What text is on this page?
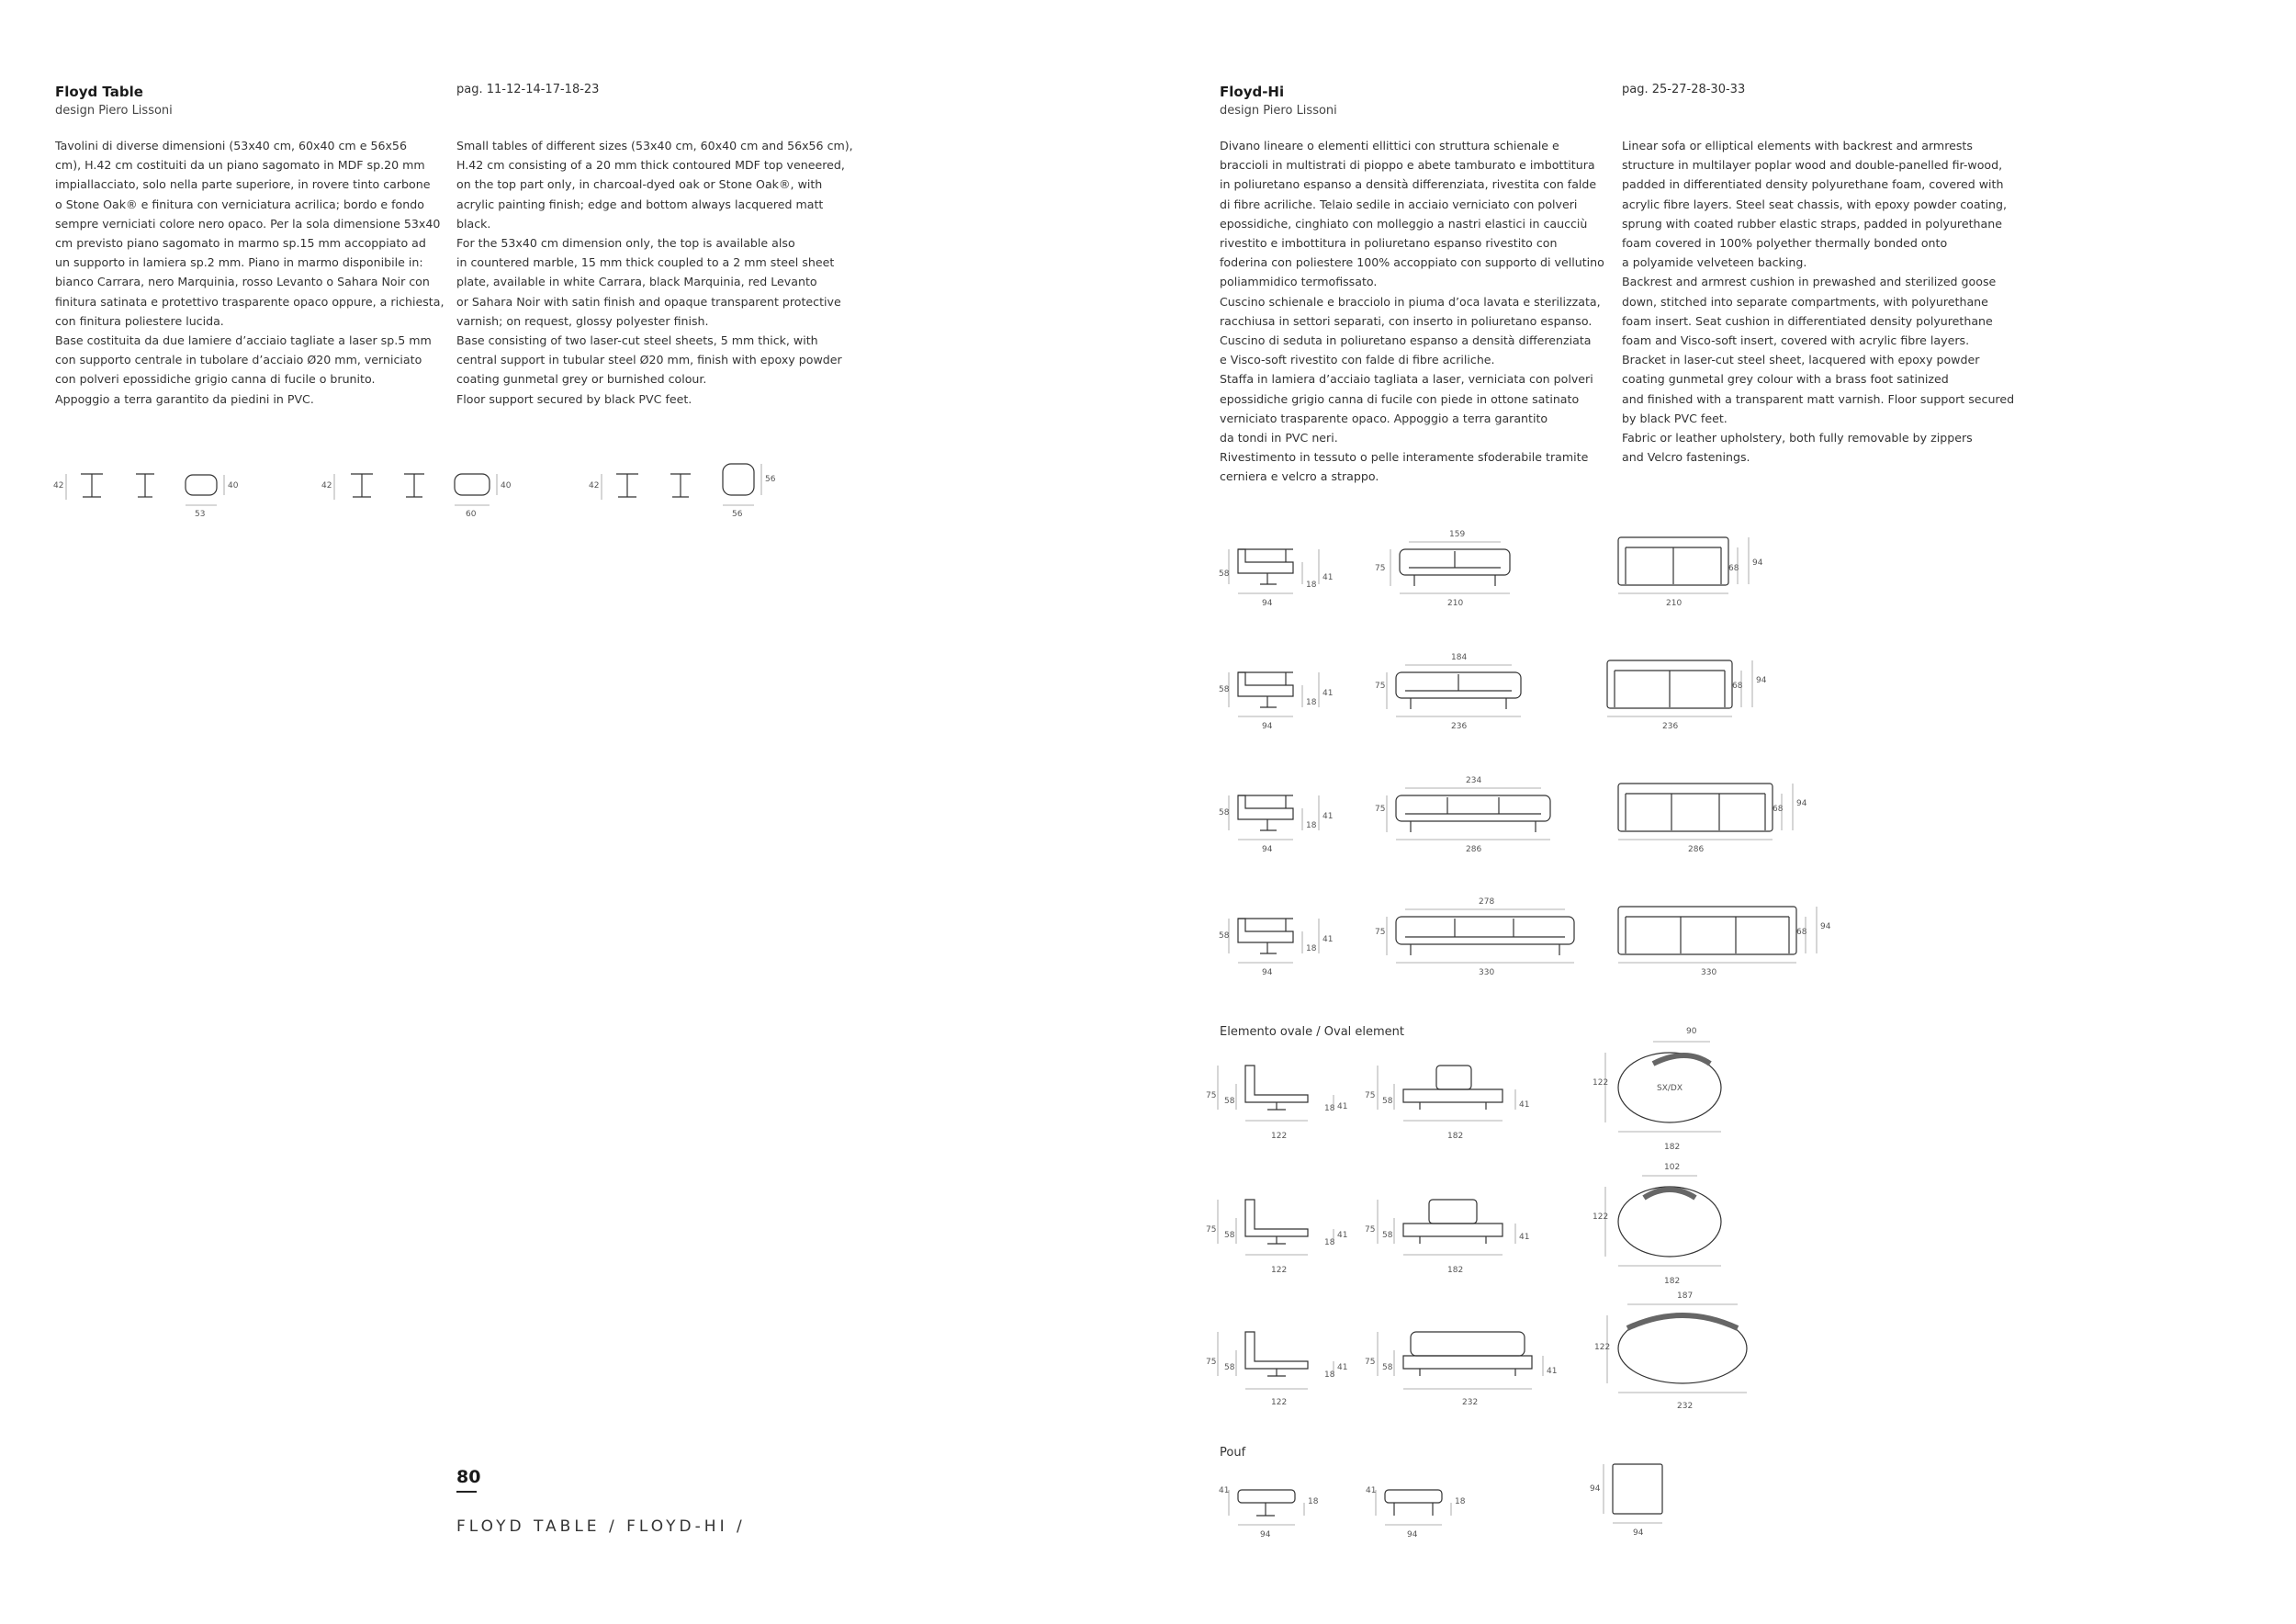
Floyd Table
design Piero Lissoni
pag. 11-12-14-17-18-23
Tavolini di diverse dimensioni (53x40 cm, 60x40 cm e 56x56
cm), H.42 cm costituiti da un piano sagomato in MDF sp.20 mm
impiallacciato, solo nella parte superiore, in rovere tinto carbone
o Stone Oak® e finitura con verniciatura acrilica; bordo e fondo
sempre verniciati colore nero opaco. Per la sola dimensione 53x40
cm previsto piano sagomato in marmo sp.15 mm accoppiato ad
un supporto in lamiera sp.2 mm. Piano in marmo disponibile in:
bianco Carrara, nero Marquinia, rosso Levanto o Sahara Noir con
finitura satinata e protettivo trasparente opaco oppure, a richiesta,
con finitura poliestere lucida.
Base costituita da due lamiere d’acciaio tagliate a laser sp.5 mm
con supporto centrale in tubolare d’acciaio Ø20 mm, verniciato
con polveri epossidiche grigio canna di fucile o brunito.
Appoggio a terra garantito da piedini in PVC.
Small tables of different sizes (53x40 cm, 60x40 cm and 56x56 cm),
H.42 cm consisting of a 20 mm thick contoured MDF top veneered,
on the top part only, in charcoal-dyed oak or Stone Oak®, with
acrylic painting finish; edge and bottom always lacquered matt black.
For the 53x40 cm dimension only, the top is available also
in countered marble, 15 mm thick coupled to a 2 mm steel sheet
plate, available in white Carrara, black Marquinia, red Levanto
or Sahara Noir with satin finish and opaque transparent protective
varnish; on request, glossy polyester finish.
Base consisting of two laser-cut steel sheets, 5 mm thick, with
central support in tubular steel Ø20 mm, finish with epoxy powder
coating gunmetal grey or burnished colour.
Floor support secured by black PVC feet.
42	40
53
42	40
60
42
56
56
80
FLOYD TABLE / FLOYD-HI /
Floyd-Hi
design Piero Lissoni
pag. 25-27-28-30-33
Divano lineare o elementi ellittici con struttura schienale e
braccioli in multistrati di pioppo e abete tamburato e imbottitura
in poliuretano espanso a densità differenziata, rivestita con falde
di fibre acriliche. Telaio sedile in acciaio verniciato con polveri
epossidiche, cinghiato con molleggio a nastri elastici in caucciù
rivestito e imbottitura in poliuretano espanso rivestito con
foderina con poliestere 100% accoppiato con supporto di vellutino
poliammidico termofissato.
Cuscino schienale e bracciolo in piuma d’oca lavata e sterilizzata,
racchiusa in settori separati, con inserto in poliuretano espanso.
Cuscino di seduta in poliuretano espanso a densità differenziata
e Visco-soft rivestito con falde di fibre acriliche.
Staffa in lamiera d’acciaio tagliata a laser, verniciata con polveri
epossidiche grigio canna di fucile con piede in ottone satinato
verniciato trasparente opaco. Appoggio a terra garantito
da tondi in PVC neri.
Rivestimento in tessuto o pelle interamente sfoderabile tramite
cerniera e velcro a strappo.
Linear sofa or elliptical elements with backrest and armrests
structure in multilayer poplar wood and double-panelled fir-wood,
padded in differentiated density polyurethane foam, covered with
acrylic fibre layers. Steel seat chassis, with epoxy powder coating,
sprung with coated rubber elastic straps, padded in polyurethane
foam covered in 100% polyether thermally bonded onto
a polyamide velveteen backing.
Backrest and armrest cushion in prewashed and sterilized goose
down, stitched into separate compartments, with polyurethane
foam insert. Seat cushion in differentiated density polyurethane
foam and Visco-soft insert, covered with acrylic fibre layers.
Bracket in laser-cut steel sheet, lacquered with epoxy powder
coating gunmetal grey colour with a brass foot satinized
and finished with a transparent matt varnish. Floor support secured
by black PVC feet.
Fabric or leather upholstery, both fully removable by zippers
and Velcro fastenings.
58
18
41
94
75
159
210
68
94
210
58
18
41
94
75
184
236
68
94
236
58
18
41
94
75
234
286
68
94
286
58
18
41
94
75
278
330
68
94
330
Elemento ovale / Oval element
75
58
18 41
122
75
58	41
182
122
90
182
SX/DX
75
58
18
41
122
75
58	41
182
122
102
182
75
58
18
41
122
75
58	41
232
122
187
232
Pouf
41
18
94
41
18
94
94
94
